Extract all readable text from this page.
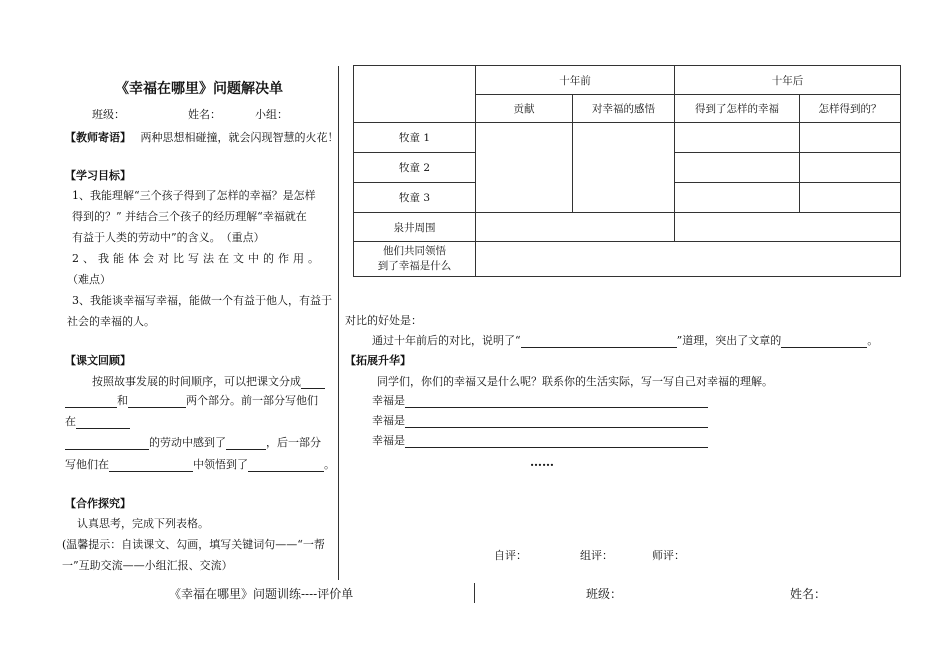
《幸福在哪里》问题解决单
班级：	姓名：	小组：
【教师寄语】 两种思想相碰撞，就会闪现智慧的火花！
【学习目标】
1、我能理解“三个孩子得到了怎样的幸福？是怎样
得到的？” 并结合三个孩子的经历理解“幸福就在
有益于人类的劳动中”的含义。　（重点）
2、我能体会对比写法在文中的作用。
（难点）
3、我能谈幸福写幸福，能做一个有益于他人，有益于
社会的幸福的人。
【课文回顾】
按照故事发展的时间顺序，可以把课文分成
和	两个部分。前一部分写他们
在
的劳动中感到了	，后一部分
写他们在	中领悟到了	。
【合作探究】
认真思考，完成下列表格。
(温馨提示：自读课文、勾画，填写关键词句——“一帮
一”互助交流——小组汇报、交流）
	十年前		十年后	
	贡献	对幸福的感悟	得到了怎样的幸福	怎样得到的？
牧童 1				
牧童 2				
牧童 3				
泉井周围				

他们共同领悟
到了幸福是什么				

对比的好处是：
通过十年前后的对比，说明了“	”道理，突出了文章的	。
【拓展升华】
同学们，你们的幸福又是什么呢？联系你的生活实际，写一写自己对幸福的理解。
幸福是
幸福是
幸福是
……
自评：	组评：	师评：
《幸福在哪里》问题训练----评价单	班级：	姓名：
